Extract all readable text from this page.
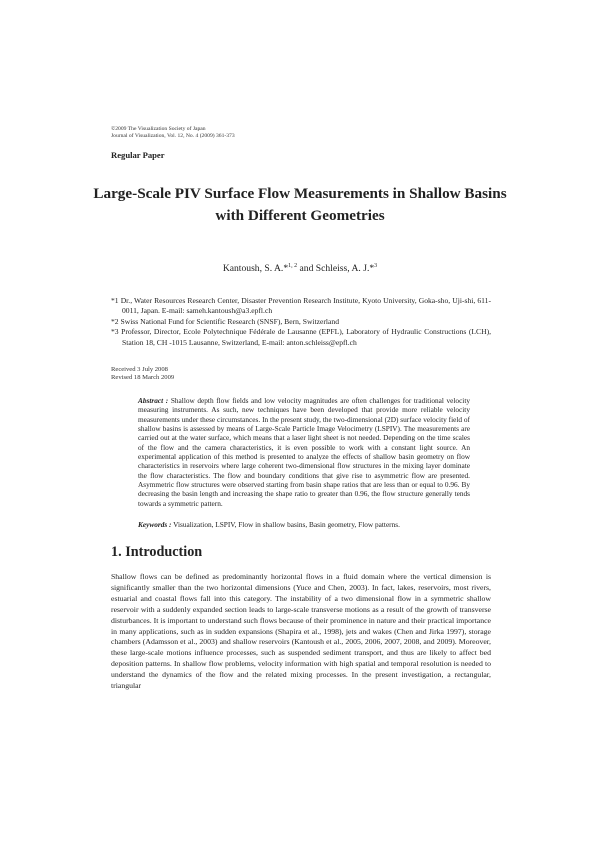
©2009 The Visualization Society of Japan
Journal of Visualization, Vol. 12, No. 4 (2009) 361-373
Regular Paper
Large-Scale PIV Surface Flow Measurements in Shallow Basins
with Different Geometries
Kantoush, S. A.*$^{1, 2}$ and Schleiss, A. J.*$^3$
*1 Dr., Water Resources Research Center, Disaster Prevention Research Institute, Kyoto University, Goka-sho, Uji-shi, 611-0011, Japan. E-mail: sameh.kantoush@a3.epfl.ch
*2 Swiss National Fund for Scientific Research (SNSF), Bern, Switzerland
*3 Professor, Director, Ecole Polytechnique Fédérale de Lausanne (EPFL), Laboratory of Hydraulic Constructions (LCH), Station 18, CH -1015 Lausanne, Switzerland, E-mail: anton.schleiss@epfl.ch
Received 3 July 2008
Revised 18 March 2009
Abstract : Shallow depth flow fields and low velocity magnitudes are often challenges for traditional velocity measuring instruments. As such, new techniques have been developed that provide more reliable velocity measurements under these circumstances. In the present study, the two-dimensional (2D) surface velocity field of shallow basins is assessed by means of Large-Scale Particle Image Velocimetry (LSPIV). The measurements are carried out at the water surface, which means that a laser light sheet is not needed. Depending on the time scales of the flow and the camera characteristics, it is even possible to work with a constant light source. An experimental application of this method is presented to analyze the effects of shallow basin geometry on flow characteristics in reservoirs where large coherent two-dimensional flow structures in the mixing layer dominate the flow characteristics. The flow and boundary conditions that give rise to asymmetric flow are presented. Asymmetric flow structures were observed starting from basin shape ratios that are less than or equal to 0.96. By decreasing the basin length and increasing the shape ratio to greater than 0.96, the flow structure generally tends towards a symmetric pattern.
Keywords : Visualization, LSPIV, Flow in shallow basins, Basin geometry, Flow patterns.
1. Introduction
Shallow flows can be defined as predominantly horizontal flows in a fluid domain where the vertical dimension is significantly smaller than the two horizontal dimensions (Yuce and Chen, 2003). In fact, lakes, reservoirs, most rivers, estuarial and coastal flows fall into this category. The instability of a two dimensional flow in a symmetric shallow reservoir with a suddenly expanded section leads to large-scale transverse motions as a result of the growth of transverse disturbances. It is important to understand such flows because of their prominence in nature and their practical importance in many applications, such as in sudden expansions (Shapira et al., 1998), jets and wakes (Chen and Jirka 1997), storage chambers (Adamsson et al., 2003) and shallow reservoirs (Kantoush et al., 2005, 2006, 2007, 2008, and 2009). Moreover, these large-scale motions influence processes, such as suspended sediment transport, and thus are likely to affect bed deposition patterns. In shallow flow problems, velocity information with high spatial and temporal resolution is needed to understand the dynamics of the flow and the related mixing processes. In the present investigation, a rectangular, triangular
